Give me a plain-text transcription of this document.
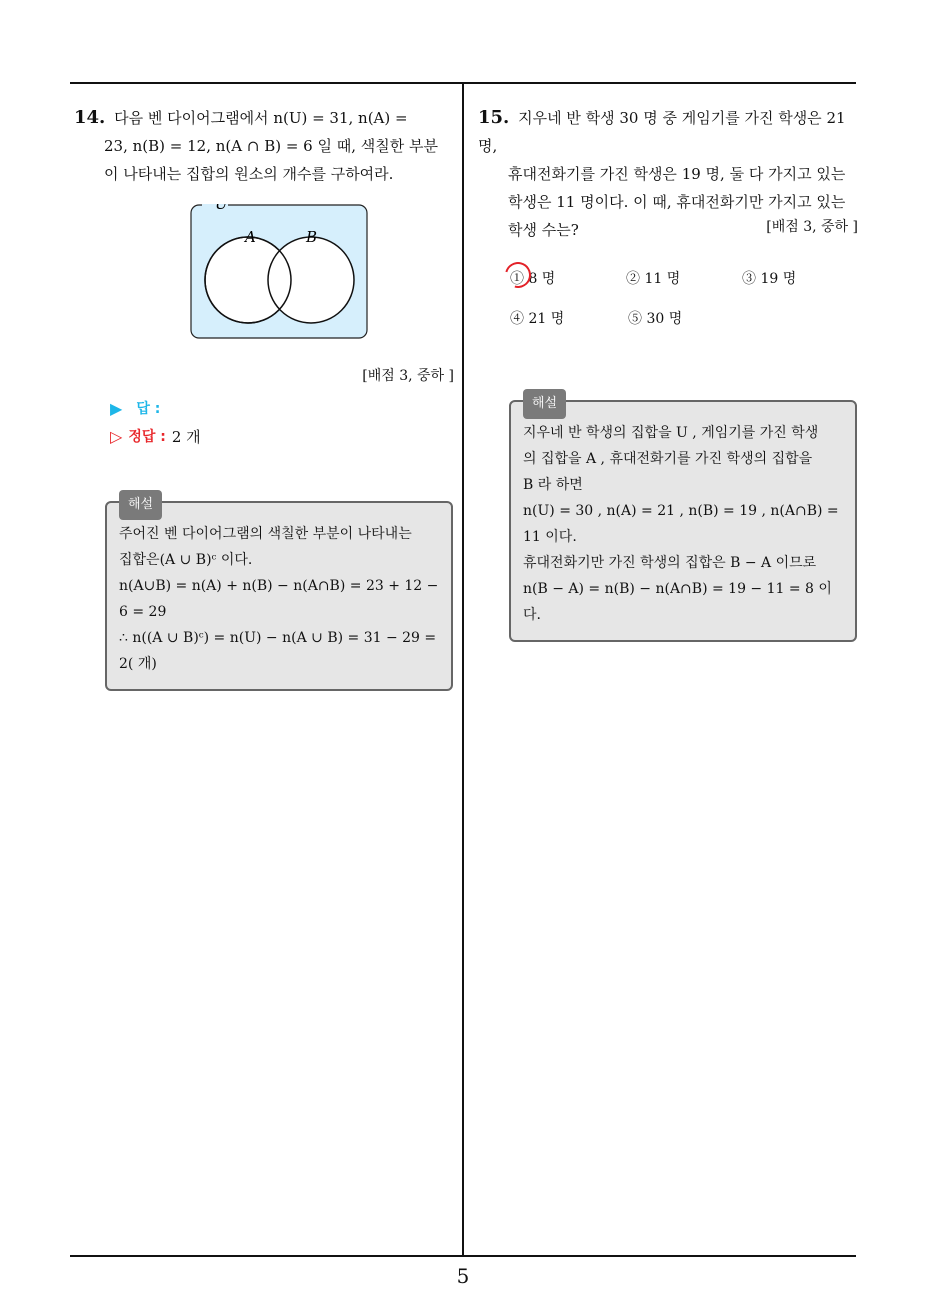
14. 다음 벤 다이어그램에서 n(U) = 31, n(A) =
23, n(B) = 12, n(A ∩ B) = 6 일 때, 색칠한 부분
이 나타내는 집합의 원소의 개수를 구하여라.
U
A	B
[배점 3, 중하 ]
▶ 답 :
▷ 정답 : 2 개
해설
주어진 벤 다이어그램의 색칠한 부분이 나타내는
집합은(A ∪ B)ᶜ 이다.
n(A∪B) = n(A) + n(B) − n(A∩B) = 23 + 12 −
6 = 29
∴ n((A ∪ B)ᶜ) = n(U) − n(A ∪ B) = 31 − 29 =
2( 개)
15. 지우네 반 학생 30 명 중 게임기를 가진 학생은 21 명,
휴대전화기를 가진 학생은 19 명, 둘 다 가지고 있는
학생은 11 명이다. 이 때, 휴대전화기만 가지고 있는
학생 수는?	[배점 3, 중하 ]
① 8 명	② 11 명	③ 19 명
④ 21 명	⑤ 30 명
해설
지우네 반 학생의 집합을 U , 게임기를 가진 학생
의 집합을 A , 휴대전화기를 가진 학생의 집합을
B 라 하면
n(U) = 30 , n(A) = 21 , n(B) = 19 , n(A∩B) =
11 이다.
휴대전화기만 가진 학생의 집합은 B − A 이므로
n(B − A) = n(B) − n(A∩B) = 19 − 11 = 8 이다.
5
